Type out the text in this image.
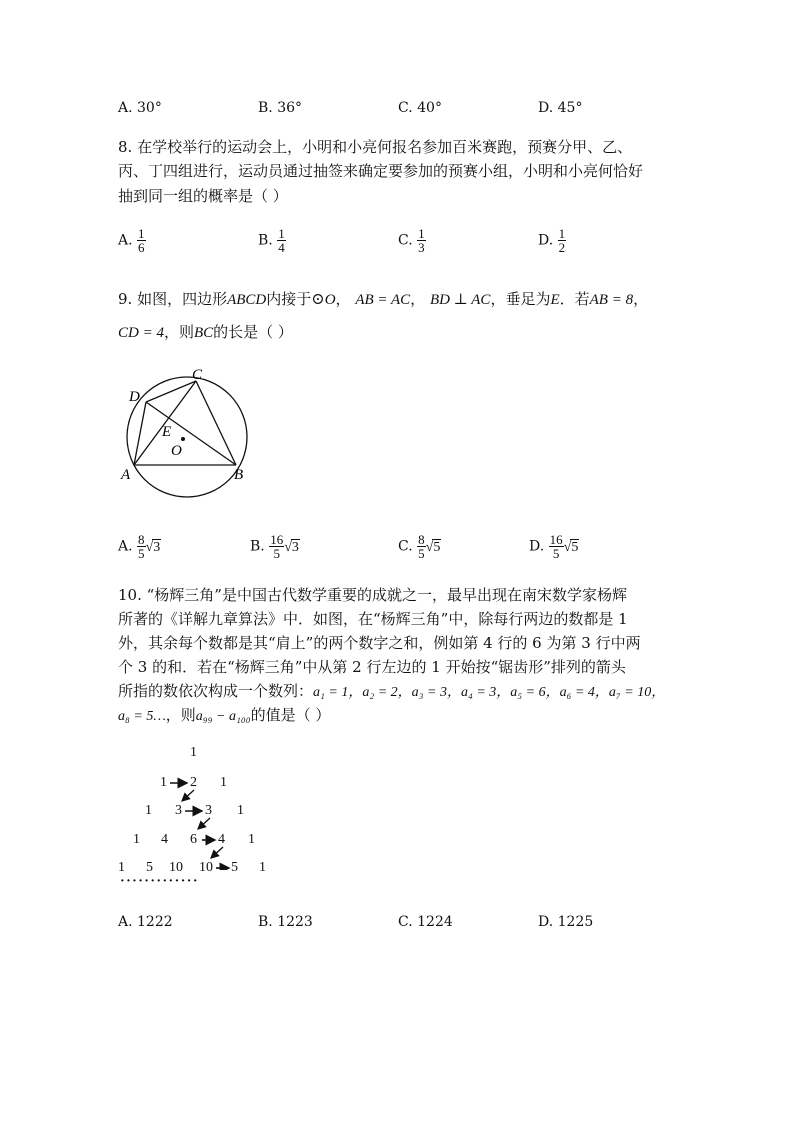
A. 30°	B. 36°	C. 40°	D. 45°
8. 在学校举行的运动会上，小明和小亮何报名参加百米赛跑，预赛分甲、乙、
丙、丁四组进行，运动员通过抽签来确定要参加的预赛小组，小明和小亮何恰好
抽到同一组的概率是（ ）
A. $\frac{1}{6}$	B. $\frac{1}{4}$	C. $\frac{1}{3}$	D. $\frac{1}{2}$
9. 如图，四边形ABCD内接于⊙O， AB = AC， BD ⊥ AC，垂足为E．若AB = 8，
CD = 4，则BC的长是（ ）
C
D
E
O
A	B
A. $\frac{8}{5} √3$	B. $\frac{16}{5} √3$	C. $\frac{8}{5} √5$	D. $\frac{16}{5} √5$
10. “杨辉三角”是中国古代数学重要的成就之一，最早出现在南宋数学家杨辉
所著的《详解九章算法》中．如图，在“杨辉三角”中，除每行两边的数都是 1
外，其余每个数都是其“肩上”的两个数字之和，例如第 4 行的 6 为第 3 行中两
个 3 的和．若在“杨辉三角”中从第 2 行左边的 1 开始按“锯齿形”排列的箭头
所指的数依次构成一个数列：a₁ = 1，a₂ = 2，a₃ = 3，a₄ = 3，a₅ = 6，a₆ = 4，a₇ = 10，
a₈ = 5…，则a₉₉ − a₁₀₀的值是（ ）
1
1 2 1
1 3 3 1
1 4 6 4 1
1 5 10 10 5 1
·············
A. 1222	B. 1223	C. 1224	D. 1225
